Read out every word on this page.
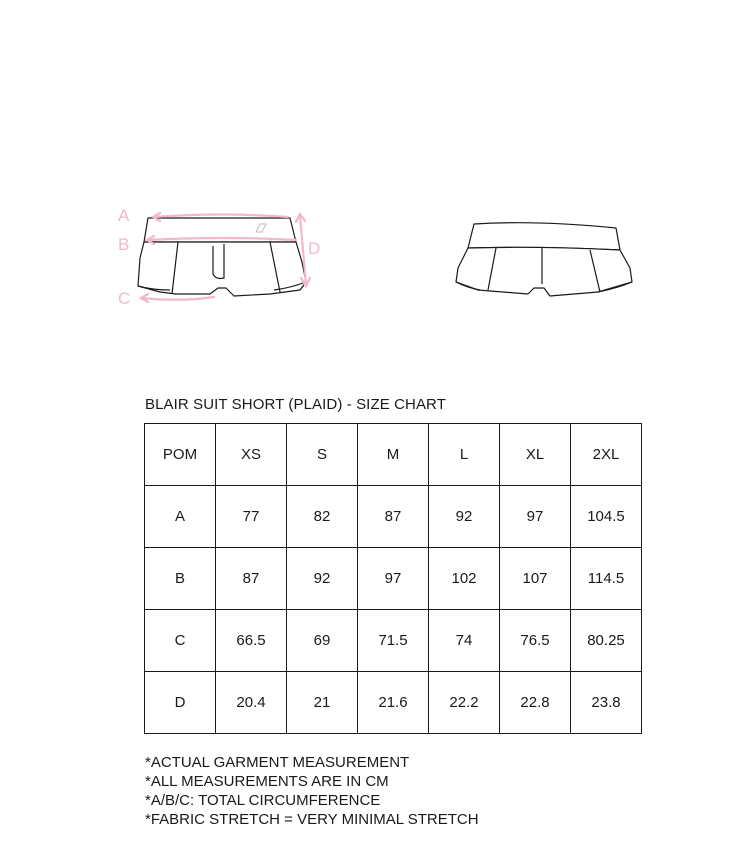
A
B
C
D
BLAIR SUIT SHORT (PLAID) - SIZE CHART
POM	XS	S	M	L	XL	2XL
A	77	82	87	92	97	104.5
B	87	92	97	102	107	114.5
C	66.5	69	71.5	74	76.5	80.25
D	20.4	21	21.6	22.2	22.8	23.8
*ACTUAL GARMENT MEASUREMENT
*ALL MEASUREMENTS ARE IN CM
*A/B/C: TOTAL CIRCUMFERENCE
*FABRIC STRETCH = VERY MINIMAL STRETCH
